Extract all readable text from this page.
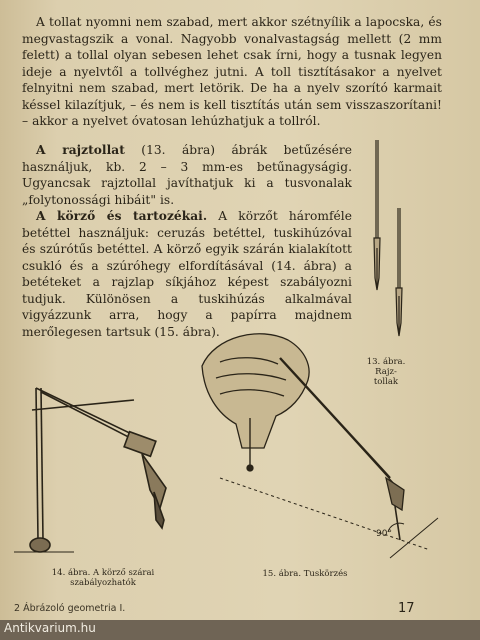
A tollat nyomni nem szabad, mert akkor szétnyílik a lapocska, és megvastagszik a vonal. Nagyobb vonalvastagság mellett (2 mm felett) a tollal olyan sebesen lehet csak írni, hogy a tusnak legyen ideje a nyelvtől a tollvéghez jutni. A toll tisztításakor a nyelvet felnyitni nem szabad, mert letörik. De ha a nyelv szorító karmait késsel kilazítjuk, – és nem is kell tisztítás után sem visszaszorítani! – akkor a nyelvet óvatosan lehúzhatjuk a tollról.

A rajztollat (13. ábra) ábrák betűzésére használjuk, kb. 2 – 3 mm-es betűnagyságig. Ugyancsak rajztollal javíthatjuk ki a tusvonalak „folytonossági hibáit" is.

A körző és tartozékai. A körzőt háromféle betéttel használjuk: ceruzás betéttel, tuskihúzóval és szúrótűs betéttel. A körző egyik szárán kialakított csukló és a szúróhegy elfordításával (14. ábra) a betéteket a rajzlap síkjához képest szabályozni tudjuk. Különösen a tuskihúzás alkalmával vigyázzunk arra, hogy a papírra majdnem merőlegesen tartsuk (15. ábra).

13. ábra.
Rajz-
tollak
14. ábra. A körző szárai
szabályozhatók
90°
15. ábra. Tuskörzés
2 Ábrázoló geometria I.	17
Antikvarium.hu
